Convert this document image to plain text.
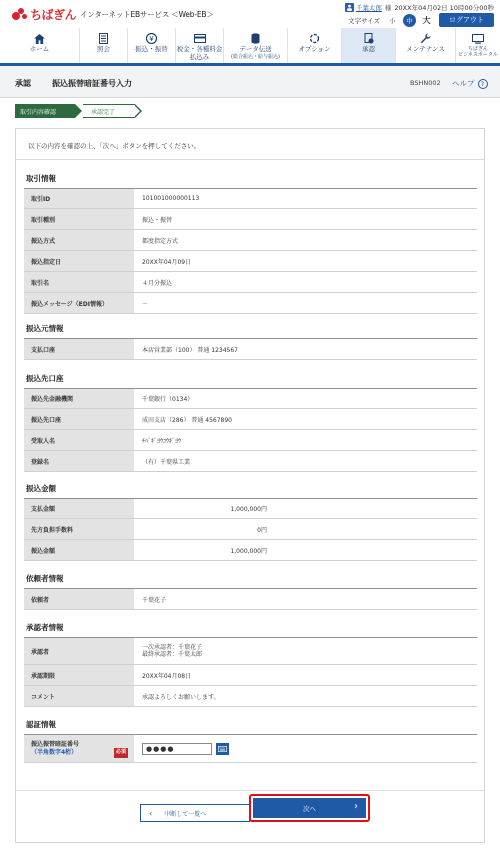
ちばぎん インターネットEBサービス ＜Web-EB＞
千葉太郎 様 20XX年04月02日 10時00分00秒
文字サイズ	小	中	大	ログアウト
ホーム	照会
¥
振込・振替 税金・各種料金
払込み
データ伝送
(総合振込・給与振込)
オプション	承認	メンテナンス	ちばぎん
ビジネスポータル
承認	振込振替暗証番号入力	BSHN002 ヘルプ ?
取引内容確認	承認完了
以下の内容を確認の上、「次へ」ボタンを押してください。
取引情報
取引ID	101001000000113
取引種別	振込・振替
振込方式	都度指定方式
振込指定日	20XX年04月09日
取引名	４月分振込
振込メッセージ（EDI情報）	－
振込元情報
支払口座	本店営業部（100） 普通 1234567
振込先口座
振込先金融機関	千葉銀行（0134）
振込先口座	成田支店（286） 普通 4567890
受取人名	ﾁﾊﾞｷﾞﾖｳｺｳｷﾞﾖｳ
登録名	（有）千葉県工業
振込金額
支払金額	1,000,000円
先方負担手数料	0円
振込金額	1,000,000円
依頼者情報
依頼者	千葉花子
承認者情報
承認者
一次承認者：千葉花子
最終承認者：千葉太郎
承認期限	20XX年04月08日
コメント	承認よろしくお願いします。
認証情報
振込振替暗証番号
（半角数字4桁）	必須	●●●●
‹ 中断して一覧へ
次へ	›
